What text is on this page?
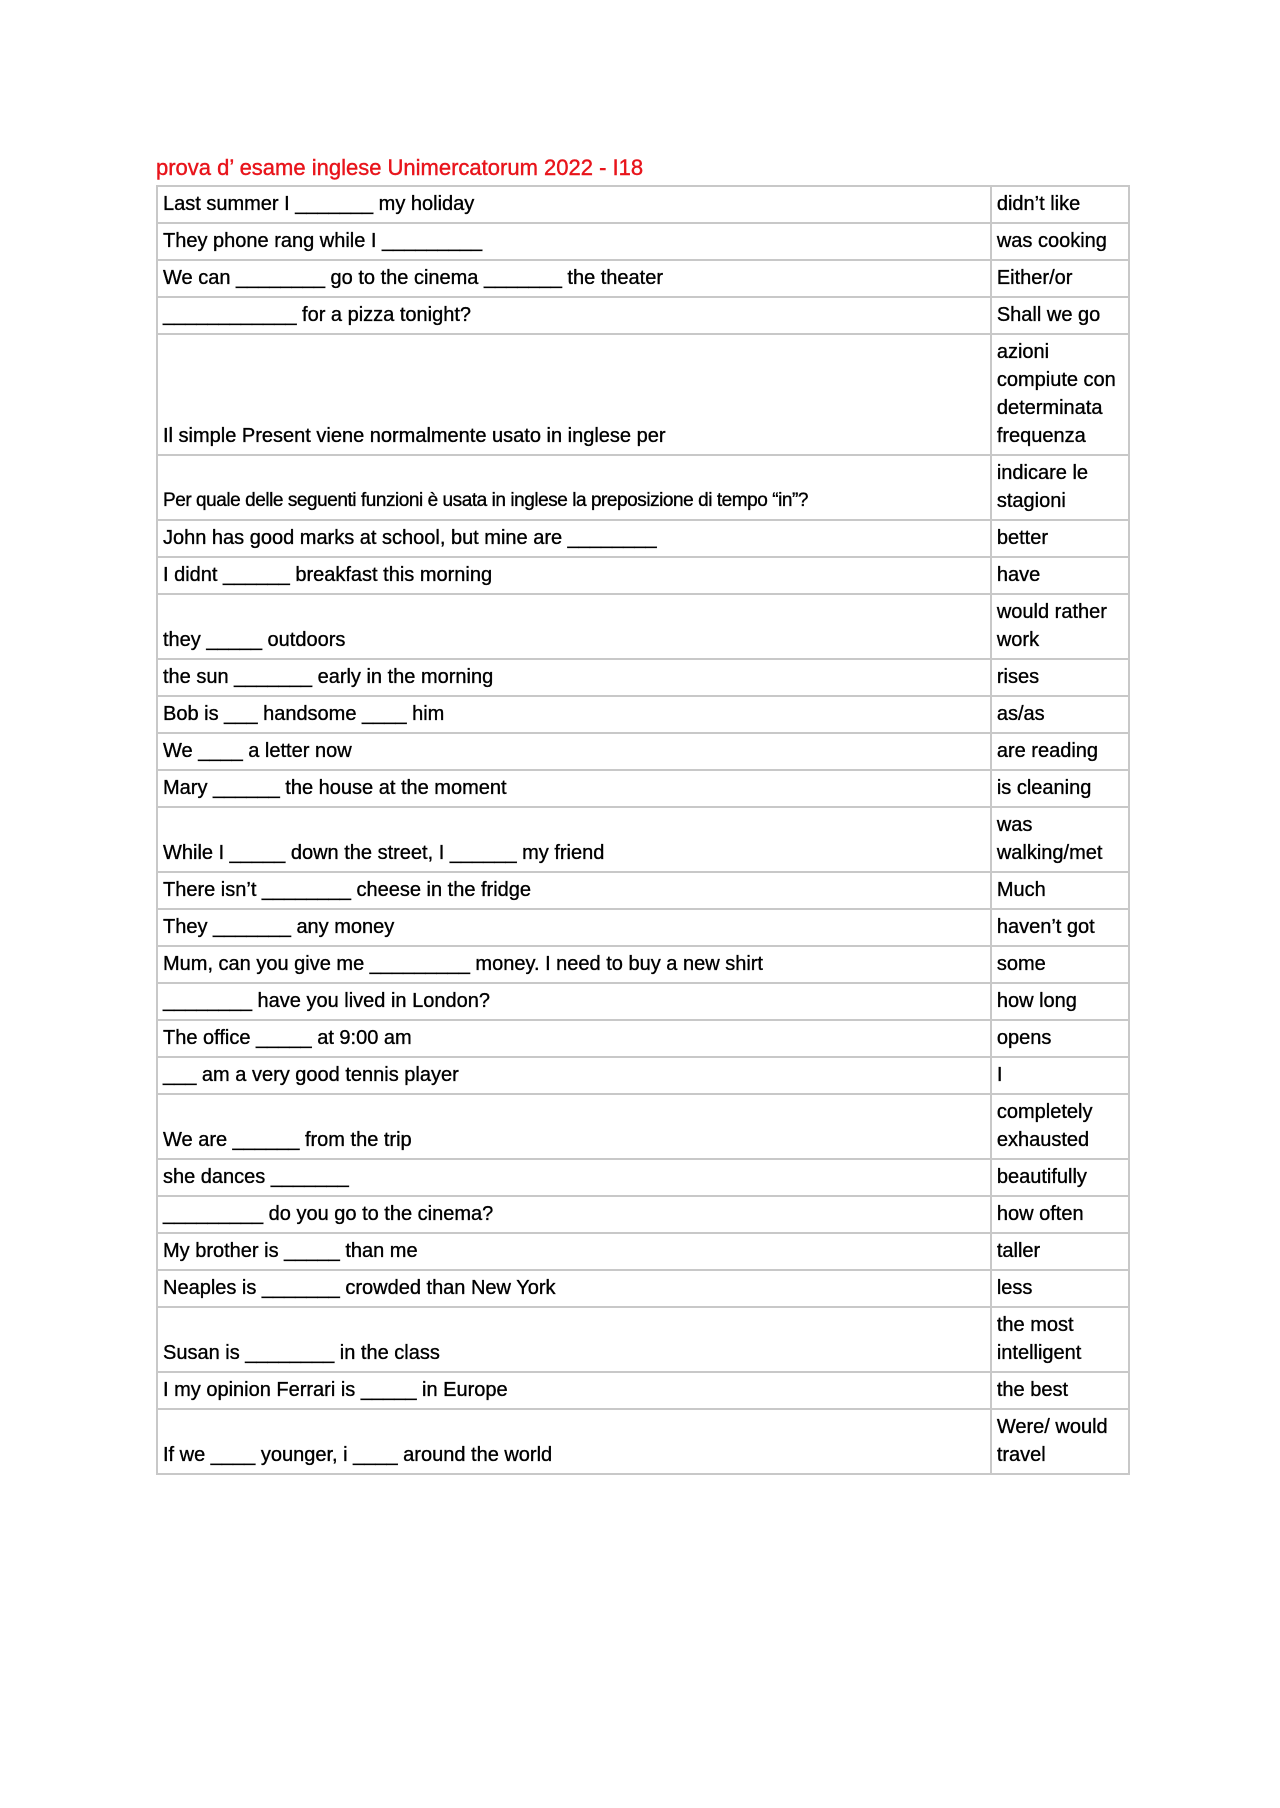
prova d’ esame inglese Unimercatorum 2022 - I18
Last summer I _______ my holiday	didn’t like
They phone rang while I _________	was cooking
We can ________ go to the cinema _______ the theater	Either/or
____________ for a pizza tonight?	Shall we go
Il simple Present viene normalmente usato in inglese per	azioni compiute con determinata frequenza
Per quale delle seguenti funzioni è usata in inglese la preposizione di tempo “in”?	indicare le stagioni
John has good marks at school, but mine are ________	better
I didnt ______ breakfast this morning	have
they _____ outdoors	would rather work
the sun _______ early in the morning	rises
Bob is ___ handsome ____ him	as/as
We ____ a letter now	are reading
Mary ______ the house at the moment	is cleaning
While I _____ down the street, I ______ my friend	was walking/met
There isn’t ________ cheese in the fridge	Much
They _______ any money	haven’t got
Mum, can you give me _________ money. I need to buy a new shirt	some
________ have you lived in London?	how long
The office _____ at 9:00 am	opens
___ am a very good tennis player	I
We are ______ from the trip	completely exhausted
she dances _______	beautifully
_________ do you go to the cinema?	how often
My brother is _____ than me	taller
Neaples is _______ crowded than New York	less
Susan is ________ in the class	the most intelligent
I my opinion Ferrari is _____ in Europe	the best
If we ____ younger, i ____ around the world	Were/ would travel
